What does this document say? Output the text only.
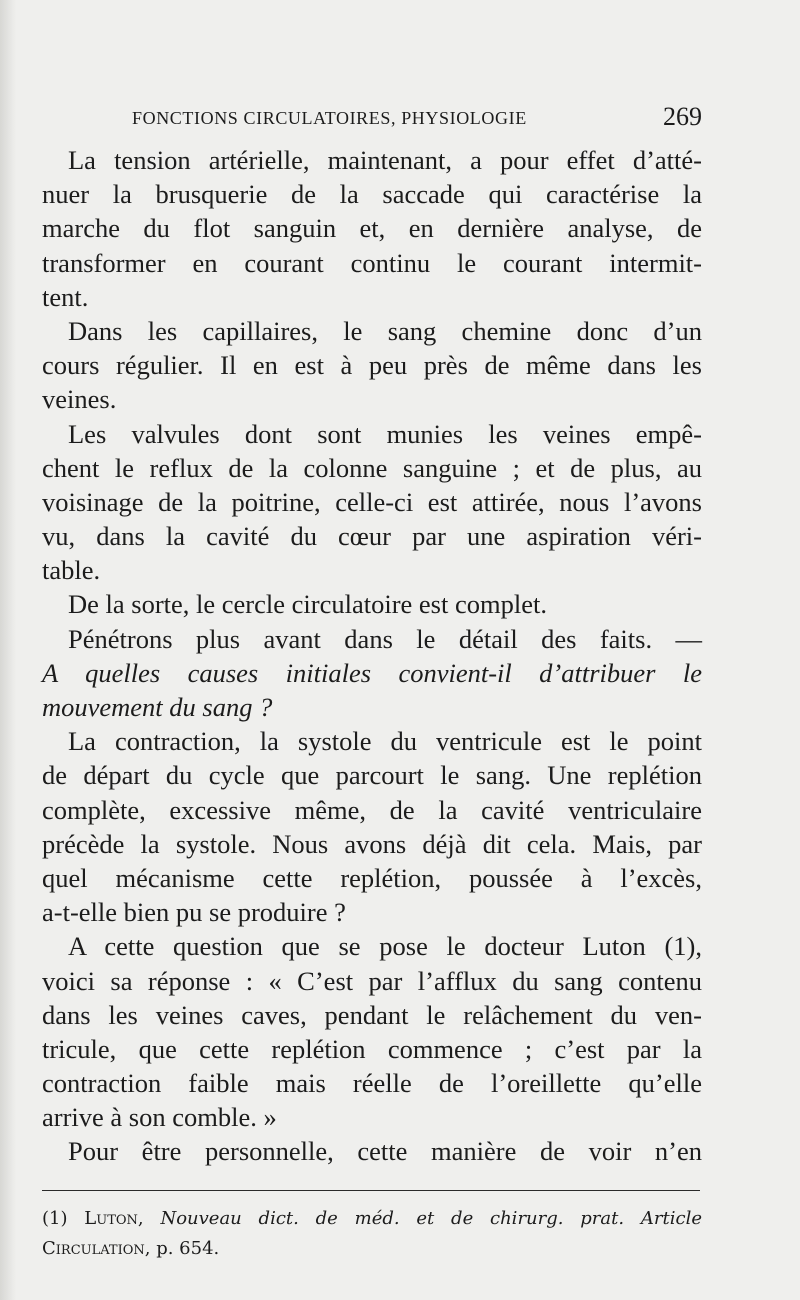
FONCTIONS CIRCULATOIRES, PHYSIOLOGIE	269
La tension artérielle, maintenant, a pour effet d’atté-
nuer la brusquerie de la saccade qui caractérise la
marche du flot sanguin et, en dernière analyse, de
transformer en courant continu le courant intermit-
tent.
Dans les capillaires, le sang chemine donc d’un
cours régulier. Il en est à peu près de même dans les
veines.
Les valvules dont sont munies les veines empê-
chent le reflux de la colonne sanguine ; et de plus, au
voisinage de la poitrine, celle-ci est attirée, nous l’avons
vu, dans la cavité du cœur par une aspiration véri-
table.
De la sorte, le cercle circulatoire est complet.
Pénétrons plus avant dans le détail des faits. —
A quelles causes initiales convient-il d’attribuer le
mouvement du sang ?
La contraction, la systole du ventricule est le point
de départ du cycle que parcourt le sang. Une replétion
complète, excessive même, de la cavité ventriculaire
précède la systole. Nous avons déjà dit cela. Mais, par
quel mécanisme cette replétion, poussée à l’excès,
a-t-elle bien pu se produire ?
A cette question que se pose le docteur Luton (1),
voici sa réponse : « C’est par l’afflux du sang contenu
dans les veines caves, pendant le relâchement du ven-
tricule, que cette replétion commence ; c’est par la
contraction faible mais réelle de l’oreillette qu’elle
arrive à son comble. »
Pour être personnelle, cette manière de voir n’en
(1) Luton, Nouveau dict. de méd. et de chirurg. prat. Article
Circulation, p. 654.
